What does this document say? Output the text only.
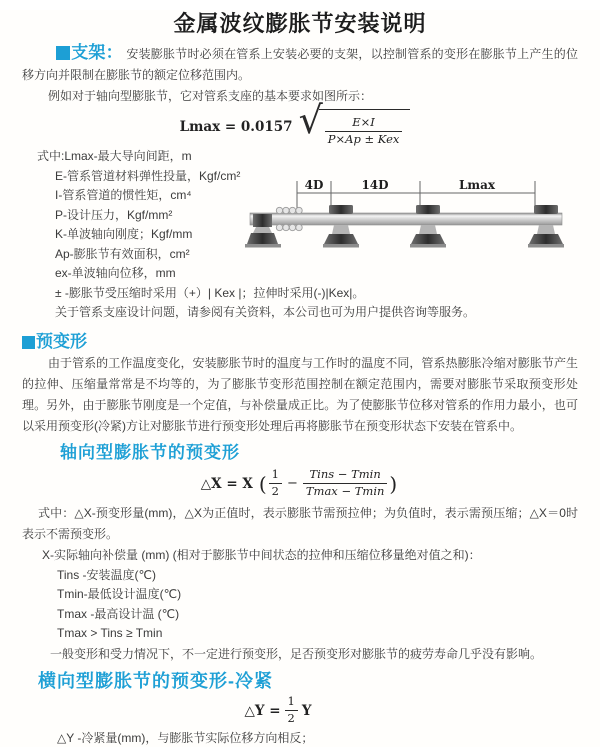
金属波纹膨胀节安装说明

支架： 安装膨胀节时必须在管系上安装必要的支架，以控制管系的变形在膨胀节上产生的位移方向并限制在膨胀节的额定位移范围内。

例如对于轴向型膨胀节，它对管系支座的基本要求如图所示：

Lmax = 0.0157 √ $\frac{E\times I}{\text{P×Ap ± Kex}}$
式中:Lmax-最大导向间距，m
E-管系管道材料弹性投量，Kgf/cm²
I-管系管道的惯性矩，cm⁴
P-设计压力，Kgf/mm²
K-单波轴向刚度；Kgf/mm
Ap-膨胀节有效面积，cm²
ex-单波轴向位移，mm
± -膨胀节受压缩时采用（+）| Kex |；拉伸时采用(-)|Kex|。
关于管系支座设计问题，请参阅有关资料，本公司也可为用户提供咨询等服务。
4D	14D	Lmax
预变形

由于管系的工作温度变化，安装膨胀节时的温度与工作时的温度不同，管系热膨胀冷缩对膨胀节产生的拉伸、压缩量常常是不均等的，为了膨胀节变形范围控制在额定范围内，需要对膨胀节采取预变形处理。另外，由于膨胀节刚度是一个定值，与补偿量成正比。为了使膨胀节位移对管系的作用力最小，也可以采用预变形(冷紧)方让对膨胀节进行预变形处理后再将膨胀节在预变形状态下安装在管系中。

轴向型膨胀节的预变形
△X = X ( $\frac{1}{2} - \frac{\text{Tins − Tmin}}{Tmax - Tmin}$ )

式中：△X-预变形量(mm)，△X为正值时，表示膨胀节需预拉伸；为负值时，表示需预压缩；△X＝0时表示不需预变形。

X-实际轴向补偿量 (mm) (相对于膨胀节中间状态的拉伸和压缩位移量绝对值之和)：

Tins -安装温度(℃)
Tmin-最低设计温度(℃)
Tmax -最高设计温 (℃)
Tmax > Tins ≥ Tmin

一般变形和受力情况下，不一定进行预变形，足否预变形对膨胀节的疲劳寿命几乎没有影响。

横向型膨胀节的预变形-冷紧
△Y = $\frac{1}{2}$ Y
△Y -冷紧量(mm)，与膨胀节实际位移方向相反；
